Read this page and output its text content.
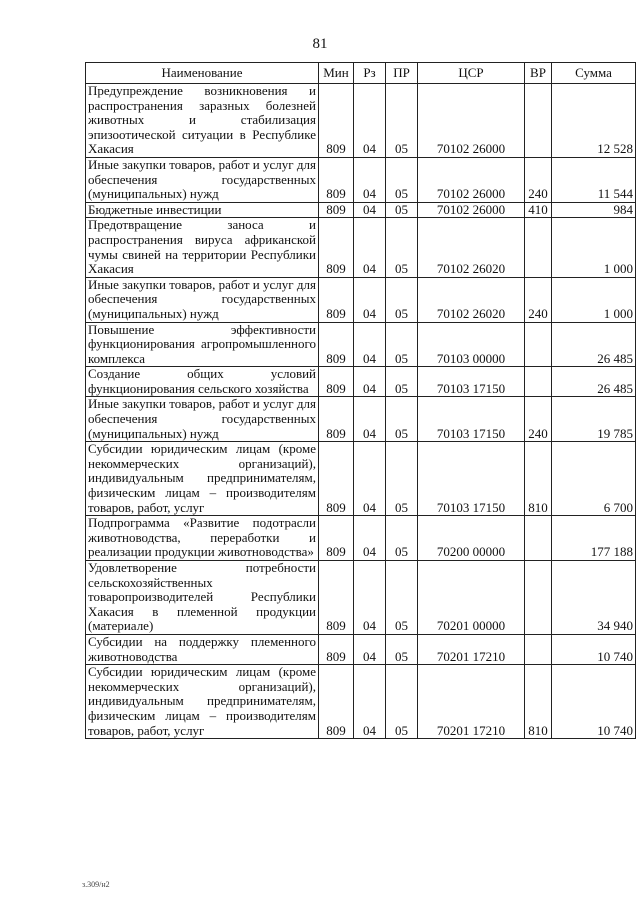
81
Наименование	Мин	Рз	ПР	ЦСР	ВР	Сумма
Предупреждение возникновения и распространения заразных болезней животных и стабилизация эпизоотической ситуации в Республике Хакасия	809	04	05	70102 26000		12 528
Иные закупки товаров, работ и услуг для обеспечения государственных (муниципальных) нужд	809	04	05	70102 26000	240	11 544
Бюджетные инвестиции	809	04	05	70102 26000	410	984
Предотвращение заноса и распространения вируса африканской чумы свиней на территории Республики Хакасия	809	04	05	70102 26020		1 000
Иные закупки товаров, работ и услуг для обеспечения государственных (муниципальных) нужд	809	04	05	70102 26020	240	1 000
Повышение эффективности функционирования агропромышленного комплекса	809	04	05	70103 00000		26 485
Создание общих условий функционирования сельского хозяйства	809	04	05	70103 17150		26 485
Иные закупки товаров, работ и услуг для обеспечения государственных (муниципальных) нужд	809	04	05	70103 17150	240	19 785
Субсидии юридическим лицам (кроме некоммерческих организаций), индивидуальным предпринимателям, физическим лицам – производителям товаров, работ, услуг	809	04	05	70103 17150	810	6 700
Подпрограмма «Развитие подотрасли животноводства, переработки и реализации продукции животноводства»	809	04	05	70200 00000		177 188
Удовлетворение потребности сельскохозяйственных товаропроизводителей Республики Хакасия в племенной продукции (материале)	809	04	05	70201 00000		34 940
Субсидии на поддержку племенного животноводства	809	04	05	70201 17210		10 740
Субсидии юридическим лицам (кроме некоммерческих организаций), индивидуальным предпринимателям, физическим лицам – производителям товаров, работ, услуг	809	04	05	70201 17210	810	10 740
з.309/н2
